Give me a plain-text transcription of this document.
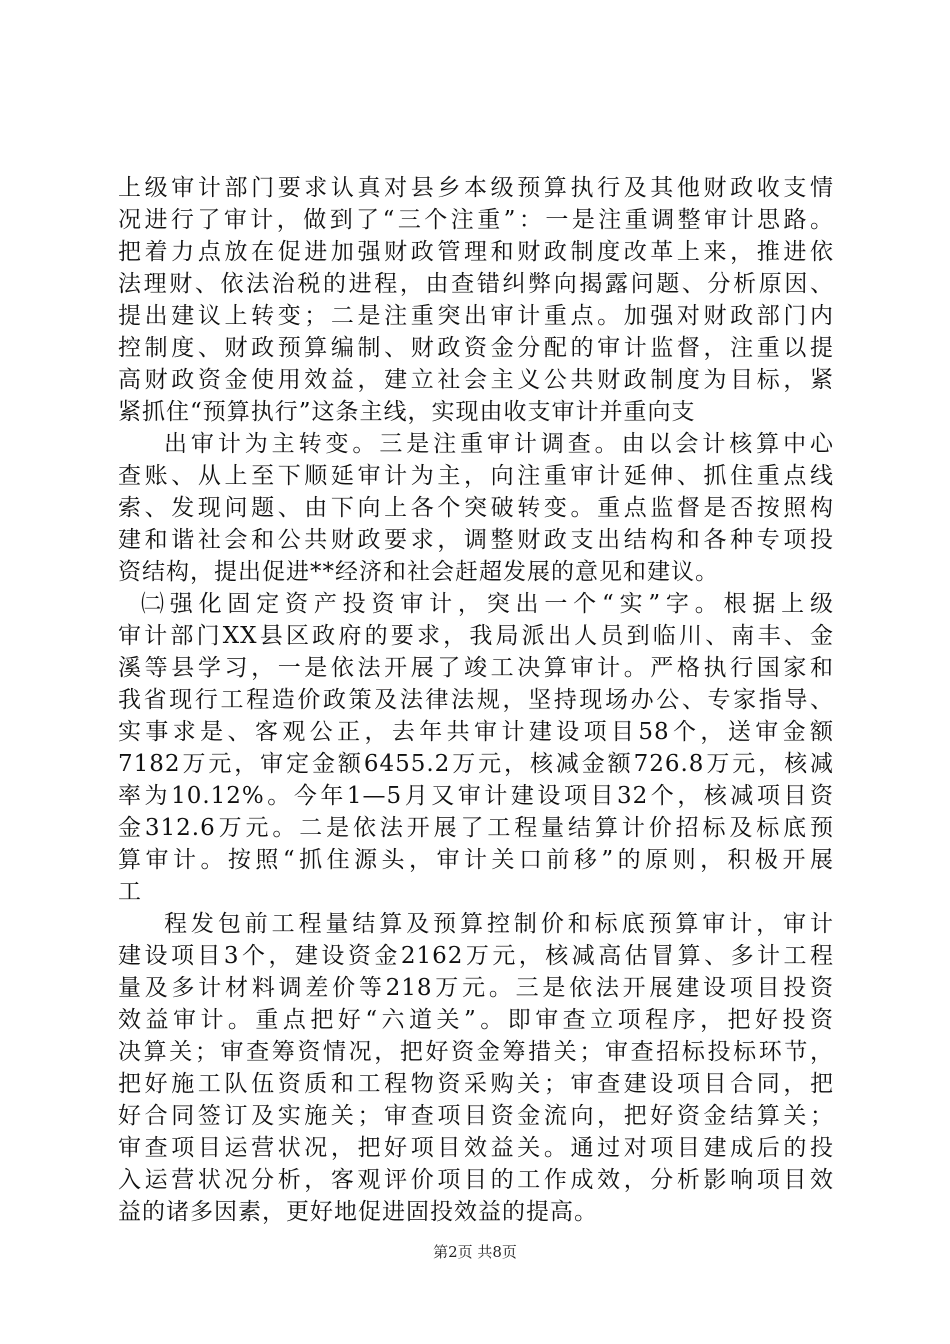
上级审计部门要求认真对县乡本级预算执行及其他财政收支情
况进行了审计，做到了“三个注重”：一是注重调整审计思路。
把着力点放在促进加强财政管理和财政制度改革上来，推进依
法理财、依法治税的进程，由查错纠弊向揭露问题、分析原因、
提出建议上转变；二是注重突出审计重点。加强对财政部门内
控制度、财政预算编制、财政资金分配的审计监督，注重以提
高财政资金使用效益，建立社会主义公共财政制度为目标，紧
紧抓住“预算执行”这条主线，实现由收支审计并重向支
出审计为主转变。三是注重审计调查。由以会计核算中心
查账、从上至下顺延审计为主，向注重审计延伸、抓住重点线
索、发现问题、由下向上各个突破转变。重点监督是否按照构
建和谐社会和公共财政要求，调整财政支出结构和各种专项投
资结构，提出促进**经济和社会赶超发展的意见和建议。
㈡强化固定资产投资审计，突出一个“实”字。根据上级
审计部门XX县区政府的要求，我局派出人员到临川、南丰、金
溪等县学习，一是依法开展了竣工决算审计。严格执行国家和
我省现行工程造价政策及法律法规，坚持现场办公、专家指导、
实事求是、客观公正，去年共审计建设项目58个，送审金额
7182万元，审定金额6455.2万元，核减金额726.8万元，核减
率为10.12%。今年1—5月又审计建设项目32个，核减项目资
金312.6万元。二是依法开展了工程量结算计价招标及标底预
算审计。按照“抓住源头，审计关口前移”的原则，积极开展
工
程发包前工程量结算及预算控制价和标底预算审计，审计
建设项目3个，建设资金2162万元，核减高估冒算、多计工程
量及多计材料调差价等218万元。三是依法开展建设项目投资
效益审计。重点把好“六道关”。即审查立项程序，把好投资
决算关；审查筹资情况，把好资金筹措关；审查招标投标环节，
把好施工队伍资质和工程物资采购关；审查建设项目合同，把
好合同签订及实施关；审查项目资金流向，把好资金结算关；
审查项目运营状况，把好项目效益关。通过对项目建成后的投
入运营状况分析，客观评价项目的工作成效，分析影响项目效
益的诸多因素，更好地促进固投效益的提高。
第2页 共8页
